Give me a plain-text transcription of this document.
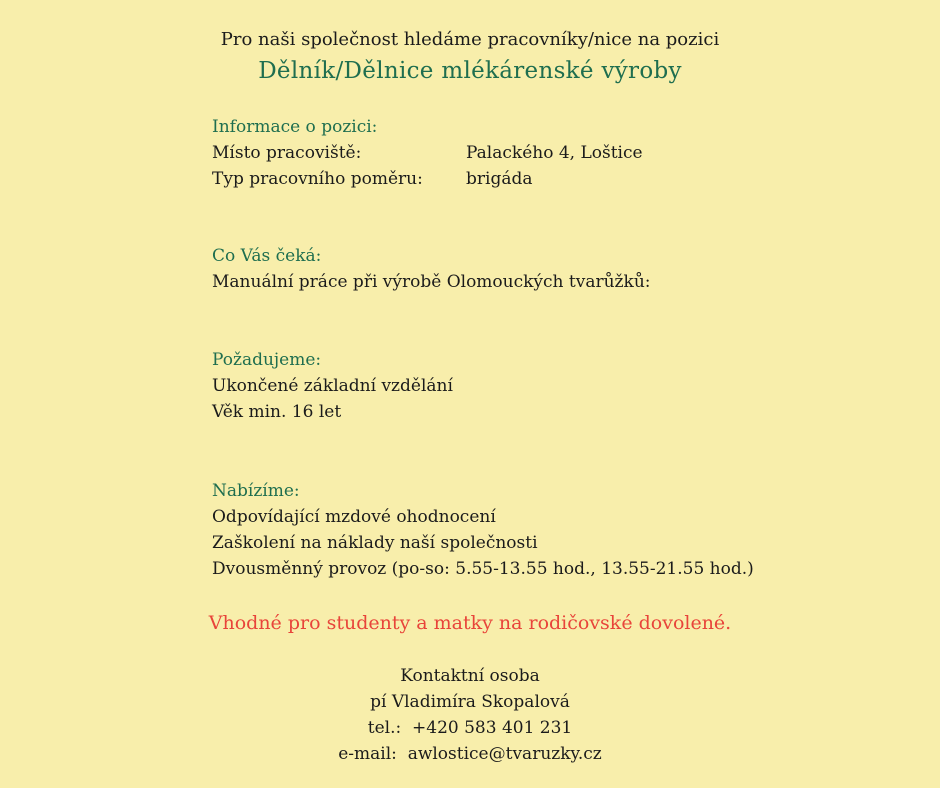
Pro naši společnost hledáme pracovníky/nice na pozici
Dělník/Dělnice mlékárenské výroby
Informace o pozici:
Místo pracoviště:	Palackého 4, Loštice
Typ pracovního poměru:	brigáda
Co Vás čeká:
Manuální práce při výrobě Olomouckých tvarůžků:
Požadujeme:
Ukončené základní vzdělání
Věk min. 16 let
Nabízíme:
Odpovídající mzdové ohodnocení
Zaškolení na náklady naší společnosti
Dvousměnný provoz (po-so: 5.55-13.55 hod., 13.55-21.55 hod.)
Vhodné pro studenty a matky na rodičovské dovolené.
Kontaktní osoba
pí Vladimíra Skopalová
tel.:  +420 583 401 231
e-mail:  awlostice@tvaruzky.cz
